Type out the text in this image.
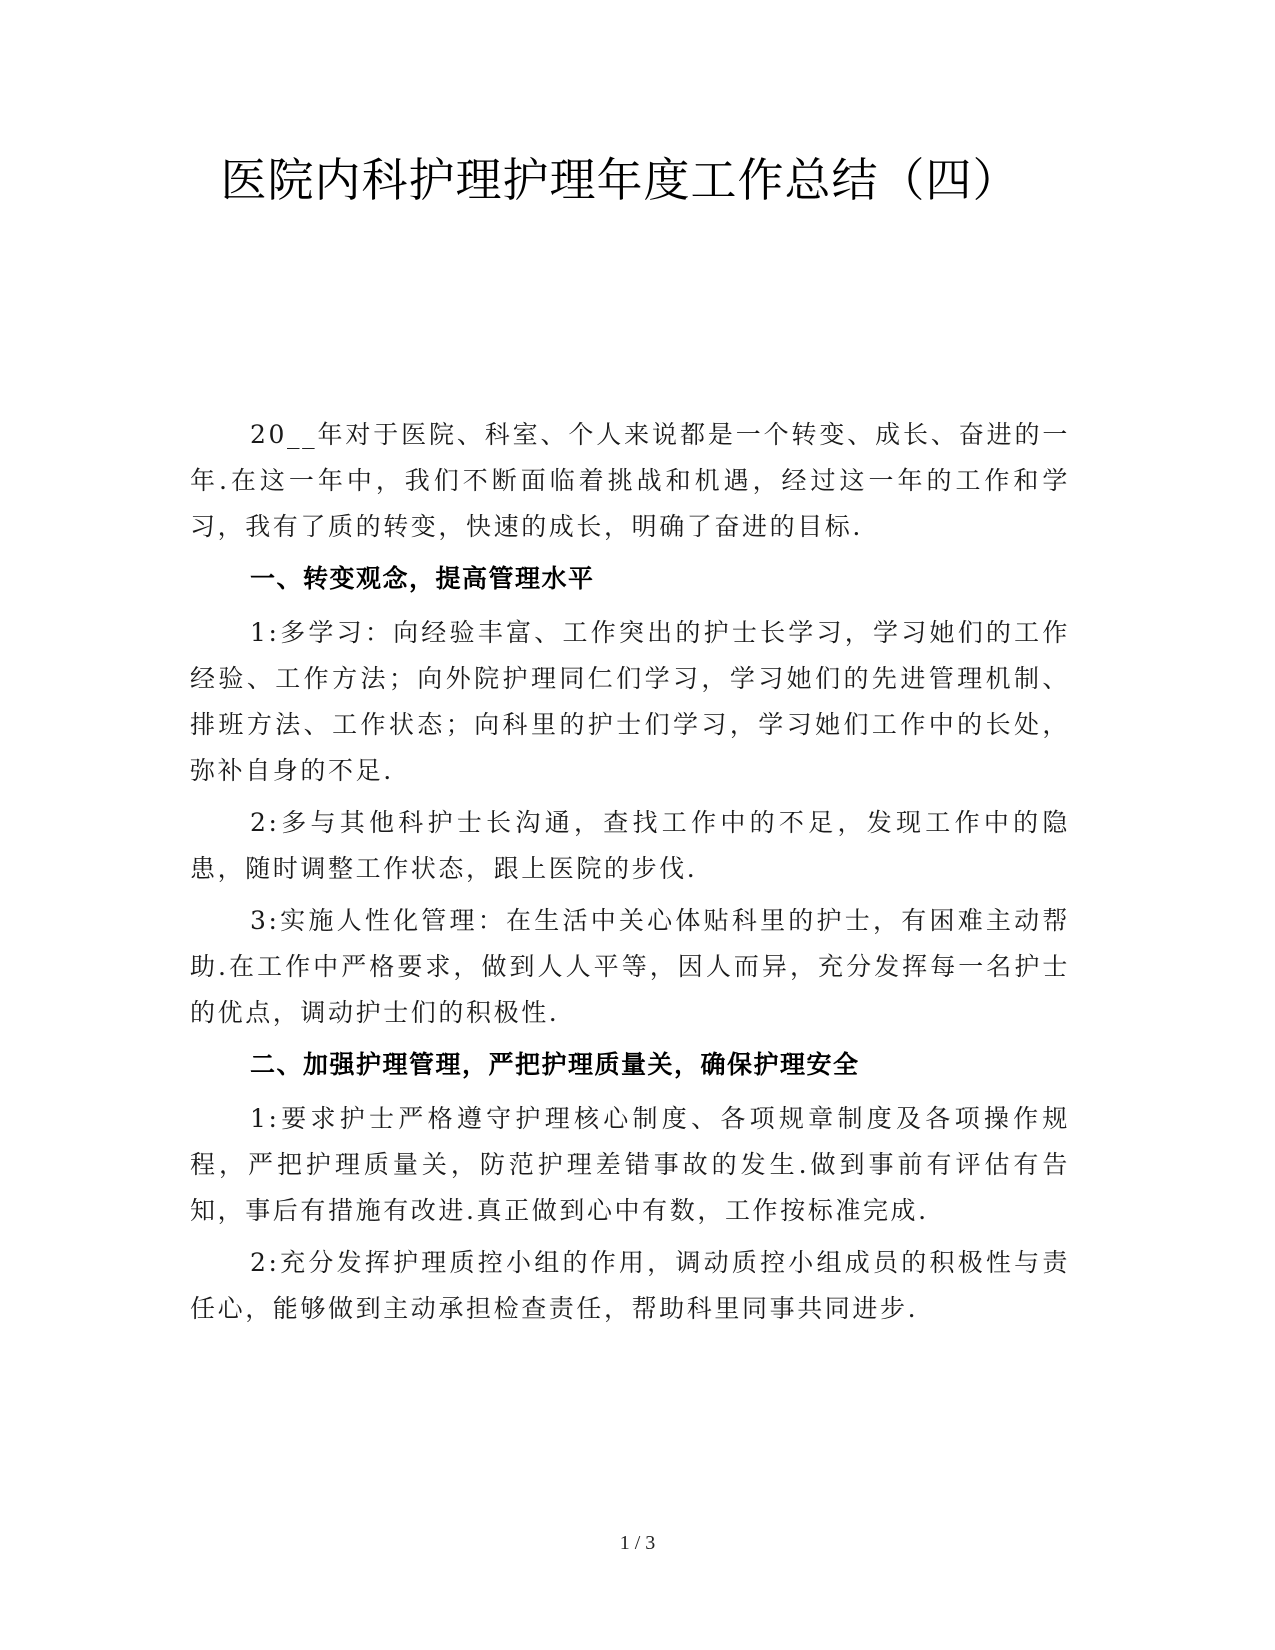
医院内科护理护理年度工作总结（四）

20__年对于医院、科室、个人来说都是一个转变、成长、奋进的一年.在这一年中，我们不断面临着挑战和机遇，经过这一年的工作和学习，我有了质的转变，快速的成长，明确了奋进的目标.

一、转变观念，提高管理水平

1:多学习：向经验丰富、工作突出的护士长学习，学习她们的工作经验、工作方法；向外院护理同仁们学习，学习她们的先进管理机制、排班方法、工作状态；向科里的护士们学习，学习她们工作中的长处，弥补自身的不足.

2:多与其他科护士长沟通，查找工作中的不足，发现工作中的隐患，随时调整工作状态，跟上医院的步伐.

3:实施人性化管理：在生活中关心体贴科里的护士，有困难主动帮助.在工作中严格要求，做到人人平等，因人而异，充分发挥每一名护士的优点，调动护士们的积极性.

二、加强护理管理，严把护理质量关，确保护理安全

1:要求护士严格遵守护理核心制度、各项规章制度及各项操作规程，严把护理质量关，防范护理差错事故的发生.做到事前有评估有告知，事后有措施有改进.真正做到心中有数，工作按标准完成.

2:充分发挥护理质控小组的作用，调动质控小组成员的积极性与责任心，能够做到主动承担检查责任，帮助科里同事共同进步.

1 / 3
